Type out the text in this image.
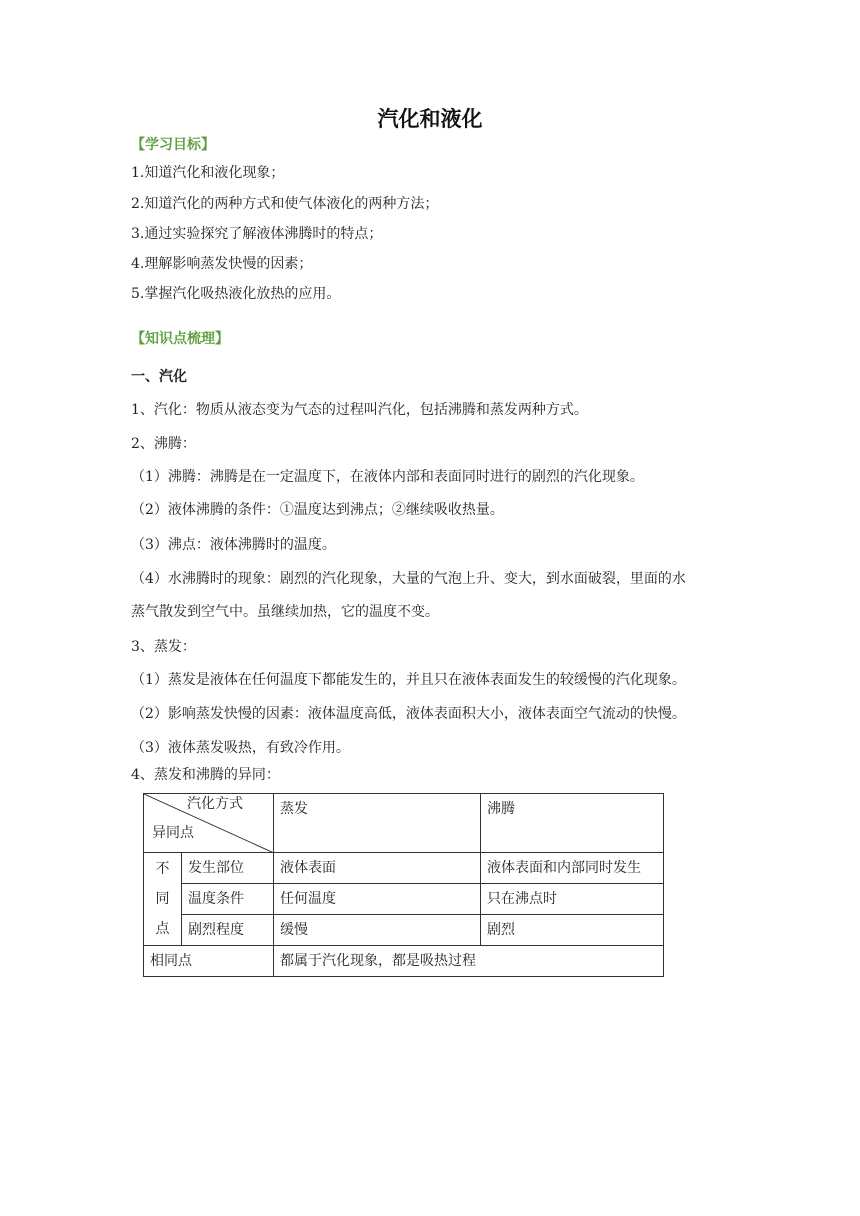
汽化和液化
【学习目标】
1.知道汽化和液化现象；
2.知道汽化的两种方式和使气体液化的两种方法；
3.通过实验探究了解液体沸腾时的特点；
4.理解影响蒸发快慢的因素；
5.掌握汽化吸热液化放热的应用。
【知识点梳理】
一、汽化
1、汽化：物质从液态变为气态的过程叫汽化，包括沸腾和蒸发两种方式。
2、沸腾：
（1）沸腾：沸腾是在一定温度下，在液体内部和表面同时进行的剧烈的汽化现象。
（2）液体沸腾的条件：①温度达到沸点；②继续吸收热量。
（3）沸点：液体沸腾时的温度。
（4）水沸腾时的现象：剧烈的汽化现象，大量的气泡上升、变大，到水面破裂，里面的水
蒸气散发到空气中。虽继续加热，它的温度不变。
3、蒸发：
（1）蒸发是液体在任何温度下都能发生的，并且只在液体表面发生的较缓慢的汽化现象。
（2）影响蒸发快慢的因素：液体温度高低，液体表面积大小，液体表面空气流动的快慢。
（3）液体蒸发吸热，有致冷作用。
4、蒸发和沸腾的异同：
汽化方式
异同点		蒸发	沸腾

不
同
点	发生部位	液体表面	液体表面和内部同时发生
	温度条件	任何温度	只在沸点时
	剧烈程度	缓慢	剧烈
相同点		都属于汽化现象，都是吸热过程	
